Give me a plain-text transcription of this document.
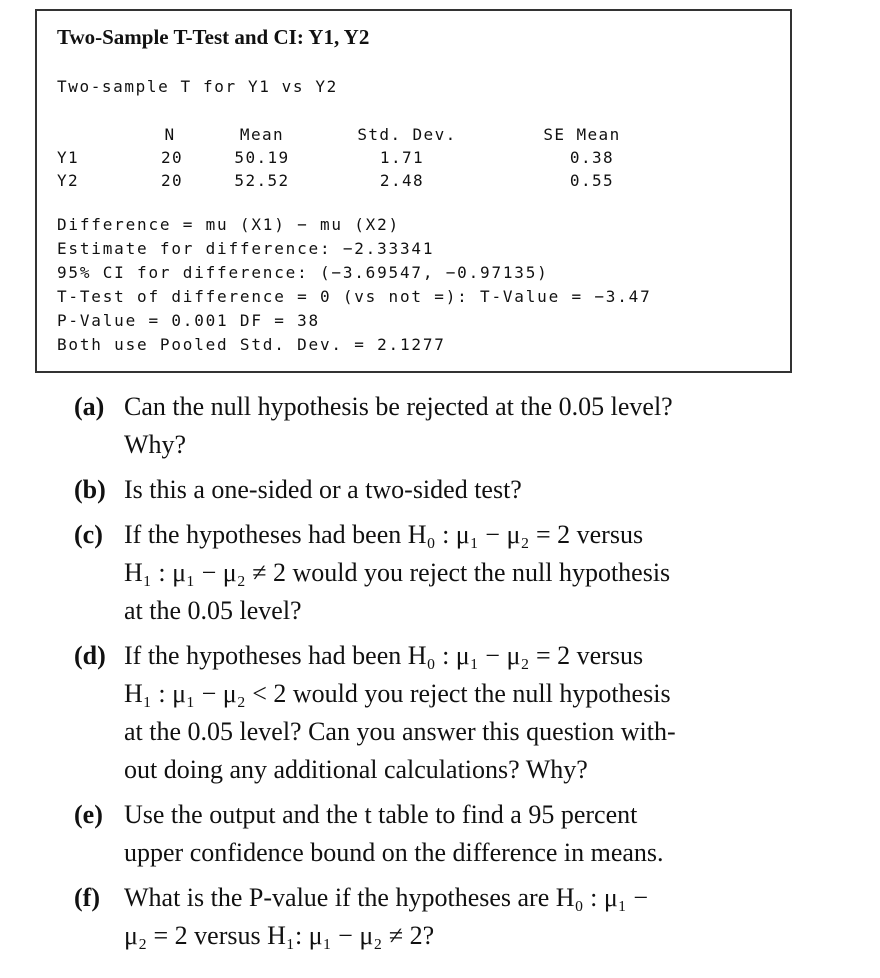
Two-Sample T-Test and CI: Y1, Y2
Two-sample T for Y1 vs Y2
N	Mean	Std. Dev.	SE Mean
Y1	20	50.19	1.71	0.38
Y2	20	52.52	2.48	0.55
Difference = mu (X1) − mu (X2)
Estimate for difference: −2.33341
95% CI for difference: (−3.69547, −0.97135)
T-Test of difference = 0 (vs not =): T-Value = −3.47
P-Value = 0.001 DF = 38
Both use Pooled Std. Dev. = 2.1277
(a) Can the null hypothesis be rejected at the 0.05 level?
Why?
(b) Is this a one-sided or a two-sided test?
(c) If the hypotheses had been H₀ : μ₁ − μ₂ = 2 versus
H₁ : μ₁ − μ₂ ≠ 2 would you reject the null hypothesis
at the 0.05 level?
(d) If the hypotheses had been H₀ : μ₁ − μ₂ = 2 versus
H₁ : μ₁ − μ₂ < 2 would you reject the null hypothesis
at the 0.05 level? Can you answer this question with-
out doing any additional calculations? Why?
(e) Use the output and the t table to find a 95 percent
upper confidence bound on the difference in means.
(f) What is the P-value if the hypotheses are H₀ : μ₁ −
μ₂ = 2 versus H₁: μ₁ − μ₂ ≠ 2?
